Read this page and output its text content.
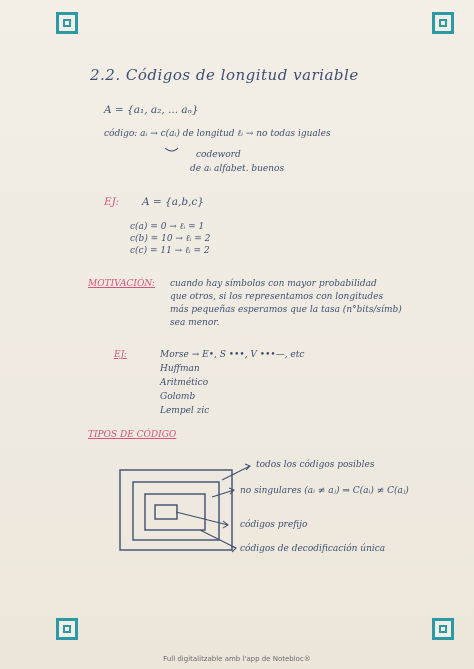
2.2. Códigos de longitud variable
A = {a₁, a₂, ... aₙ}
código: aᵢ → c(aᵢ) de longitud ℓᵢ → no todas iguales
codeword
de aᵢ alfabet. buenos
EJ: A = {a,b,c}
c(a) = 0 → ℓᵢ = 1
c(b) = 10 → ℓᵢ = 2
c(c) = 11 → ℓᵢ = 2
MOTIVACIÓN: cuando hay símbolos con mayor probabilidad
que otros, si los representamos con longitudes
más pequeñas esperamos que la tasa (n°bits/símb)
sea menor.
EJ:	Morse → E•, S •••, V •••—, etc
Huffman
Aritmético
Golomb
Lempel zic
TIPOS DE CÓDIGO
todos los códigos posibles
no singulares (aᵢ ≠ aⱼ) ⇒ C(aᵢ) ≠ C(aⱼ)
códigos prefijo
códigos de decodificación única
Full digitalitzable amb l'app de Notebloc®
